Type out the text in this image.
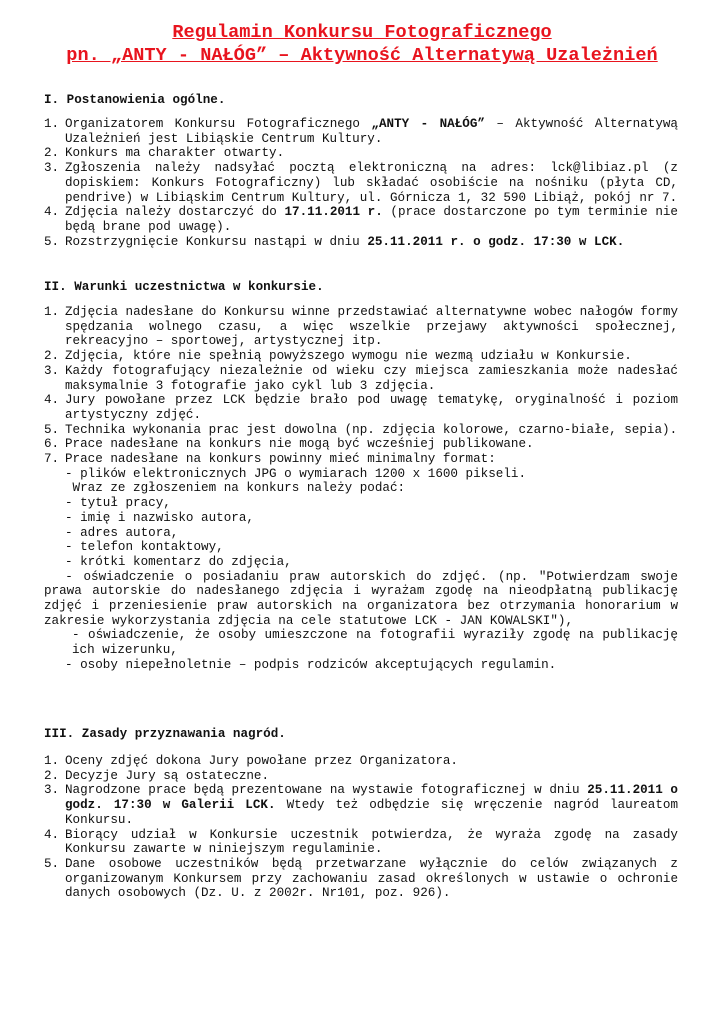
Regulamin Konkursu Fotograficznego
pn. „ANTY - NAŁÓG” – Aktywność Alternatywą Uzależnień
I. Postanowienia ogólne.
1. Organizatorem Konkursu Fotograficznego „ANTY - NAŁÓG” – Aktywność Alternatywą Uzależnień jest Libiąskie Centrum Kultury.
2. Konkurs ma charakter otwarty.
3. Zgłoszenia należy nadsyłać pocztą elektroniczną na adres: lck@libiaz.pl (z dopiskiem: Konkurs Fotograficzny) lub składać osobiście na nośniku (płyta CD, pendrive) w Libiąskim Centrum Kultury, ul. Górnicza 1, 32 590 Libiąż, pokój nr 7.
4. Zdjęcia należy dostarczyć do 17.11.2011 r. (prace dostarczone po tym terminie nie będą brane pod uwagę).
5. Rozstrzygnięcie Konkursu nastąpi w dniu 25.11.2011 r. o godz. 17:30 w LCK.
II. Warunki uczestnictwa w konkursie.
1. Zdjęcia nadesłane do Konkursu winne przedstawiać alternatywne wobec nałogów formy spędzania wolnego czasu, a więc wszelkie przejawy aktywności społecznej, rekreacyjno – sportowej, artystycznej itp.
2. Zdjęcia, które nie spełnią powyższego wymogu nie wezmą udziału w Konkursie.
3. Każdy fotografujący niezależnie od wieku czy miejsca zamieszkania może nadesłać maksymalnie 3 fotografie jako cykl lub 3 zdjęcia.
4. Jury powołane przez LCK będzie brało pod uwagę tematykę, oryginalność i poziom artystyczny zdjęć.
5. Technika wykonania prac jest dowolna (np. zdjęcia kolorowe, czarno-białe, sepia).
6. Prace nadesłane na konkurs nie mogą być wcześniej publikowane.
7. Prace nadesłane na konkurs powinny mieć minimalny format:
- plików elektronicznych JPG o wymiarach 1200 x 1600 pikseli.
Wraz ze zgłoszeniem na konkurs należy podać:
- tytuł pracy,
- imię i nazwisko autora,
- adres autora,
- telefon kontaktowy,
- krótki komentarz do zdjęcia,
- oświadczenie o posiadaniu praw autorskich do zdjęć. (np. "Potwierdzam swoje prawa autorskie do nadesłanego zdjęcia i wyrażam zgodę na nieodpłatną publikację zdjęć i przeniesienie praw autorskich na organizatora bez otrzymania honorarium w zakresie wykorzystania zdjęcia na cele statutowe LCK - JAN KOWALSKI"),
- oświadczenie, że osoby umieszczone na fotografii wyraziły zgodę na publikację ich wizerunku,
- osoby niepełnoletnie – podpis rodziców akceptujących regulamin.
III. Zasady przyznawania nagród.
1. Oceny zdjęć dokona Jury powołane przez Organizatora.
2. Decyzje Jury są ostateczne.
3. Nagrodzone prace będą prezentowane na wystawie fotograficznej w dniu 25.11.2011 o godz. 17:30 w Galerii LCK. Wtedy też odbędzie się wręczenie nagród laureatom Konkursu.
4. Biorący udział w Konkursie uczestnik potwierdza, że wyraża zgodę na zasady Konkursu zawarte w niniejszym regulaminie.
5. Dane osobowe uczestników będą przetwarzane wyłącznie do celów związanych z organizowanym Konkursem przy zachowaniu zasad określonych w ustawie o ochronie danych osobowych (Dz. U. z 2002r. Nr101, poz. 926).
